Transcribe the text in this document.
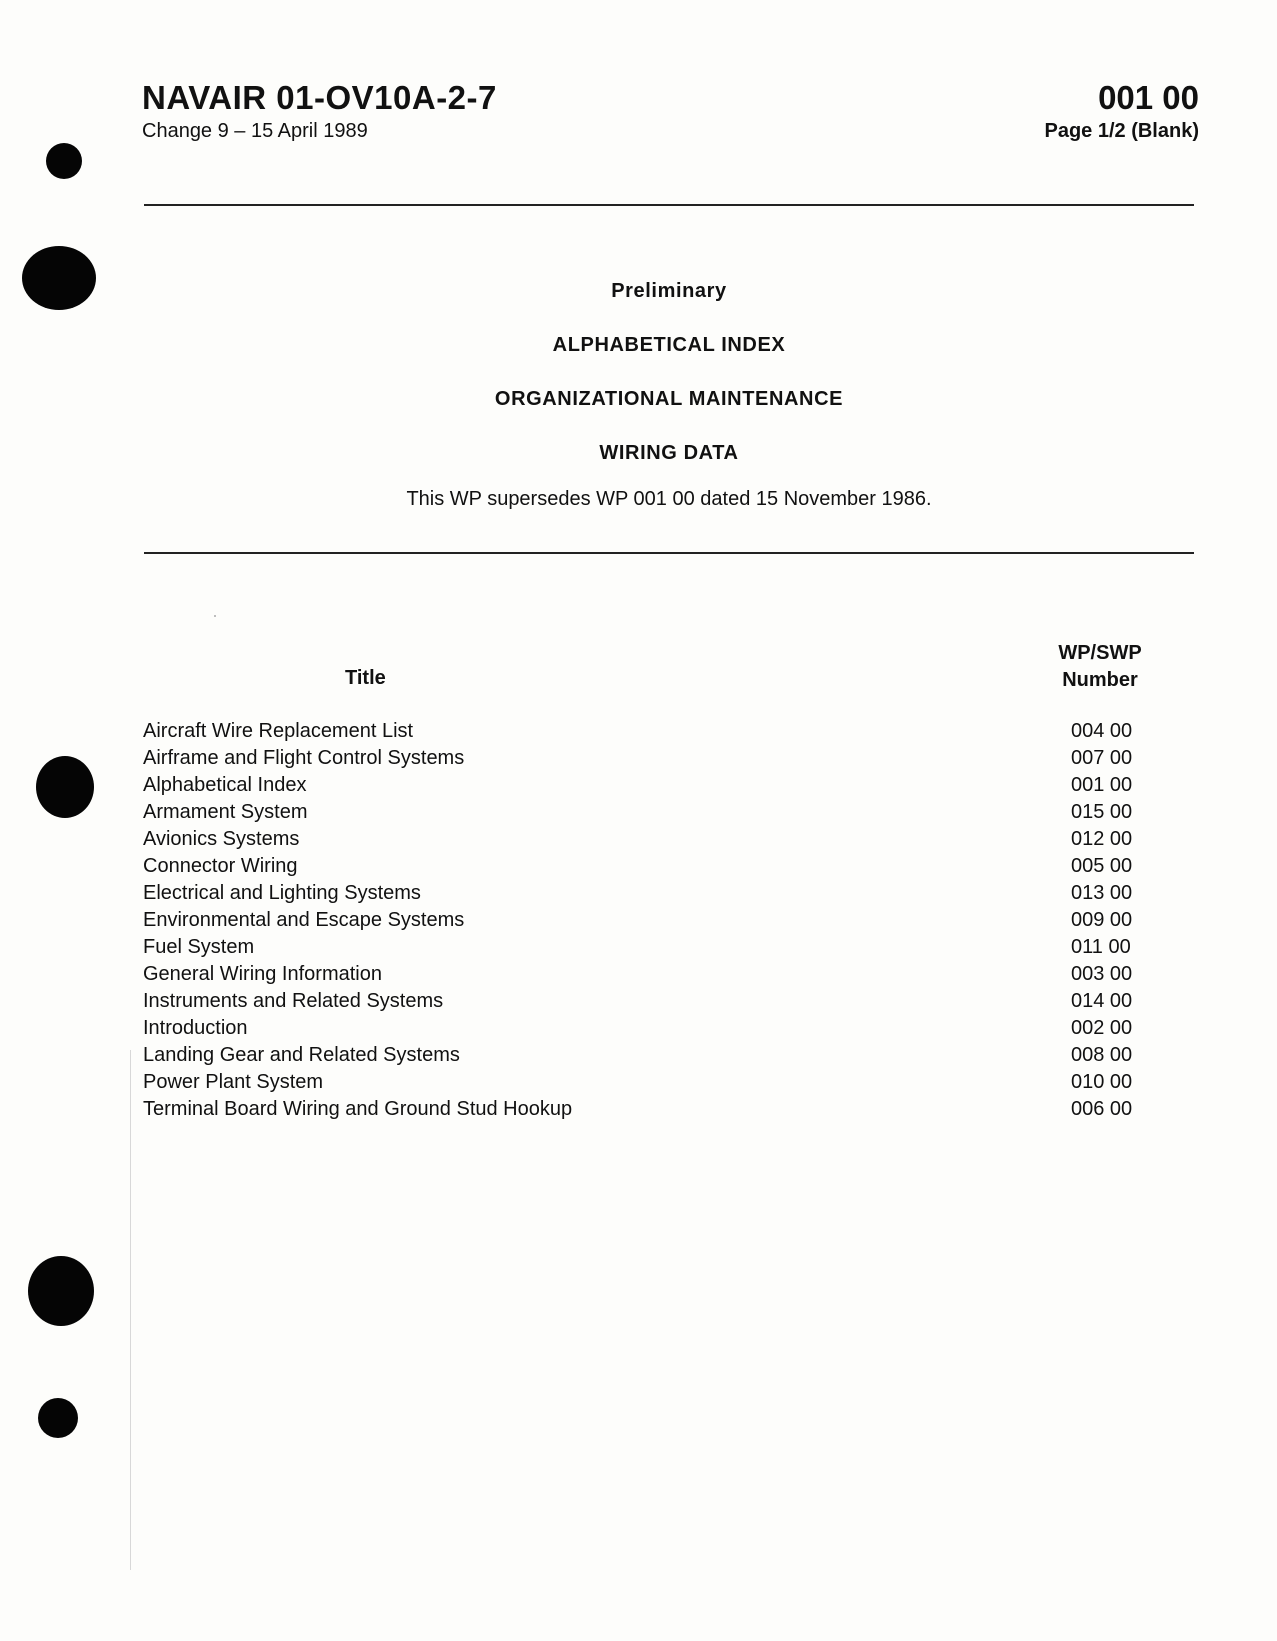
NAVAIR 01-OV10A-2-7
Change 9 – 15 April 1989
001 00
Page 1/2 (Blank)

Preliminary

ALPHABETICAL INDEX

ORGANIZATIONAL MAINTENANCE

WIRING DATA

This WP supersedes WP 001 00 dated 15 November 1986.

Title
WP/SWP
Number
Aircraft Wire Replacement List	004 00
Airframe and Flight Control Systems	007 00
Alphabetical Index	001 00
Armament System	015 00
Avionics Systems	012 00
Connector Wiring	005 00
Electrical and Lighting Systems	013 00
Environmental and Escape Systems	009 00
Fuel System	011 00
General Wiring Information	003 00
Instruments and Related Systems	014 00
Introduction	002 00
Landing Gear and Related Systems	008 00
Power Plant System	010 00
Terminal Board Wiring and Ground Stud Hookup	006 00
